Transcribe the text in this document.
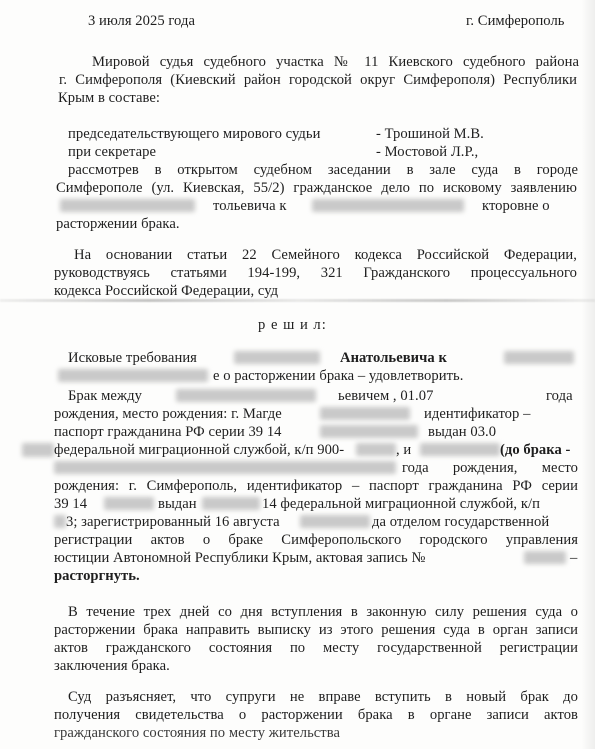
3 июля 2025 года	г. Симферополь
Мировой судья судебного участка № 11 Киевского судебного района
г. Симферополя (Киевский район городской округ Симферополя) Республики
Крым в составе:
председательствующего мирового судьи	- Трошиной М.В.
при секретаре	- Мостовой Л.Р.,
рассмотрев в открытом судебном заседании в зале суда в городе
Симферополе (ул. Киевская, 55/2) гражданское дело по исковому заявлению
тольевича к	кторовне о
расторжении брака.
На основании статьи 22 Семейного кодекса Российской Федерации,
руководствуясь статьями 194-199, 321 Гражданского процессуального
кодекса Российской Федерации, суд
р е ш и л:
Исковые требования	Анатольевича к
е о расторжении брака – удовлетворить.
Брак между	ьевичем , 01.07	года
рождения, место рождения: г. Магде	идентификатор –
паспорт гражданина РФ серии 39 14	выдан 03.0
федеральной миграционной службой, к/п 900-	, и	(до брака -
года рождения, место
рождения: г. Симферополь, идентификатор – паспорт гражданина РФ серии
39 14	выдан	14 федеральной миграционной службой, к/п
3; зарегистрированный 16 августа	да отделом государственной
регистрации актов о браке Симферопольского городского управления
юстиции Автономной Республики Крым, актовая запись №	–
расторгнуть.
В течение трех дней со дня вступления в законную силу решения суда о
расторжении брака направить выписку из этого решения суда в орган записи
актов гражданского состояния по месту государственной регистрации
заключения брака.
Суд разъясняет, что супруги не вправе вступить в новый брак до
получения свидетельства о расторжении брака в органе записи актов
гражданского состояния по месту жительства
